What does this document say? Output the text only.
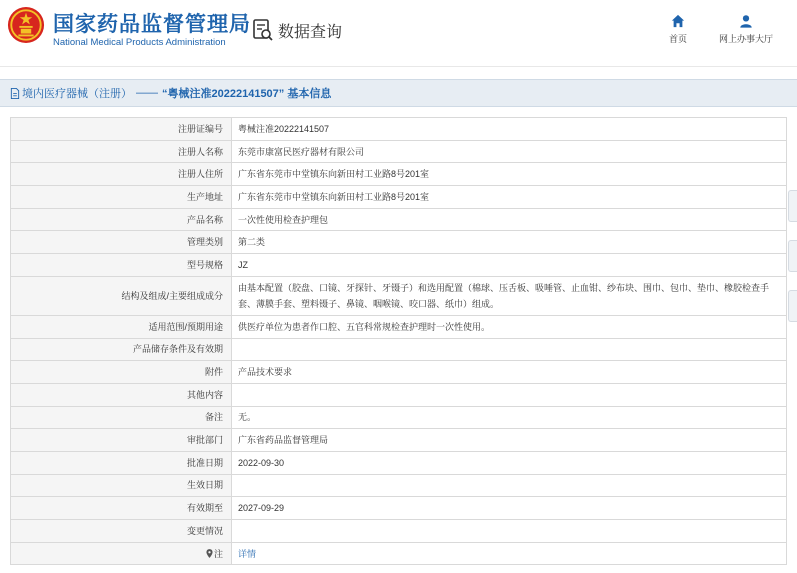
国家药品监督管理局
National Medical Products Administration
数据查询	首页	网上办事大厅
境内医疗器械（注册） —— “粤械注准20222141507” 基本信息
注册证编号	粤械注准20222141507
注册人名称	东莞市康富民医疗器材有限公司
注册人住所	广东省东莞市中堂镇东向新田村工业路8号201室
生产地址	广东省东莞市中堂镇东向新田村工业路8号201室
产品名称	一次性使用检查护理包
管理类别	第二类
型号规格	JZ
结构及组成/主要组成成分	由基本配置（胶盘、口镜、牙探针、牙镊子）和选用配置（棉球、压舌板、吸唾管、止血钳、纱布块、围巾、包巾、垫巾、橡胶检查手套、薄膜手套、塑料镊子、鼻镜、咽喉镜、咬口器、纸巾）组成。
适用范围/预期用途	供医疗单位为患者作口腔、五官科常规检查护理时一次性使用。
产品储存条件及有效期	
附件	产品技术要求
其他内容	
备注	无。
审批部门	广东省药品监督管理局
批准日期	2022-09-30
生效日期	
有效期至	2027-09-29
变更情况	
注	详情
